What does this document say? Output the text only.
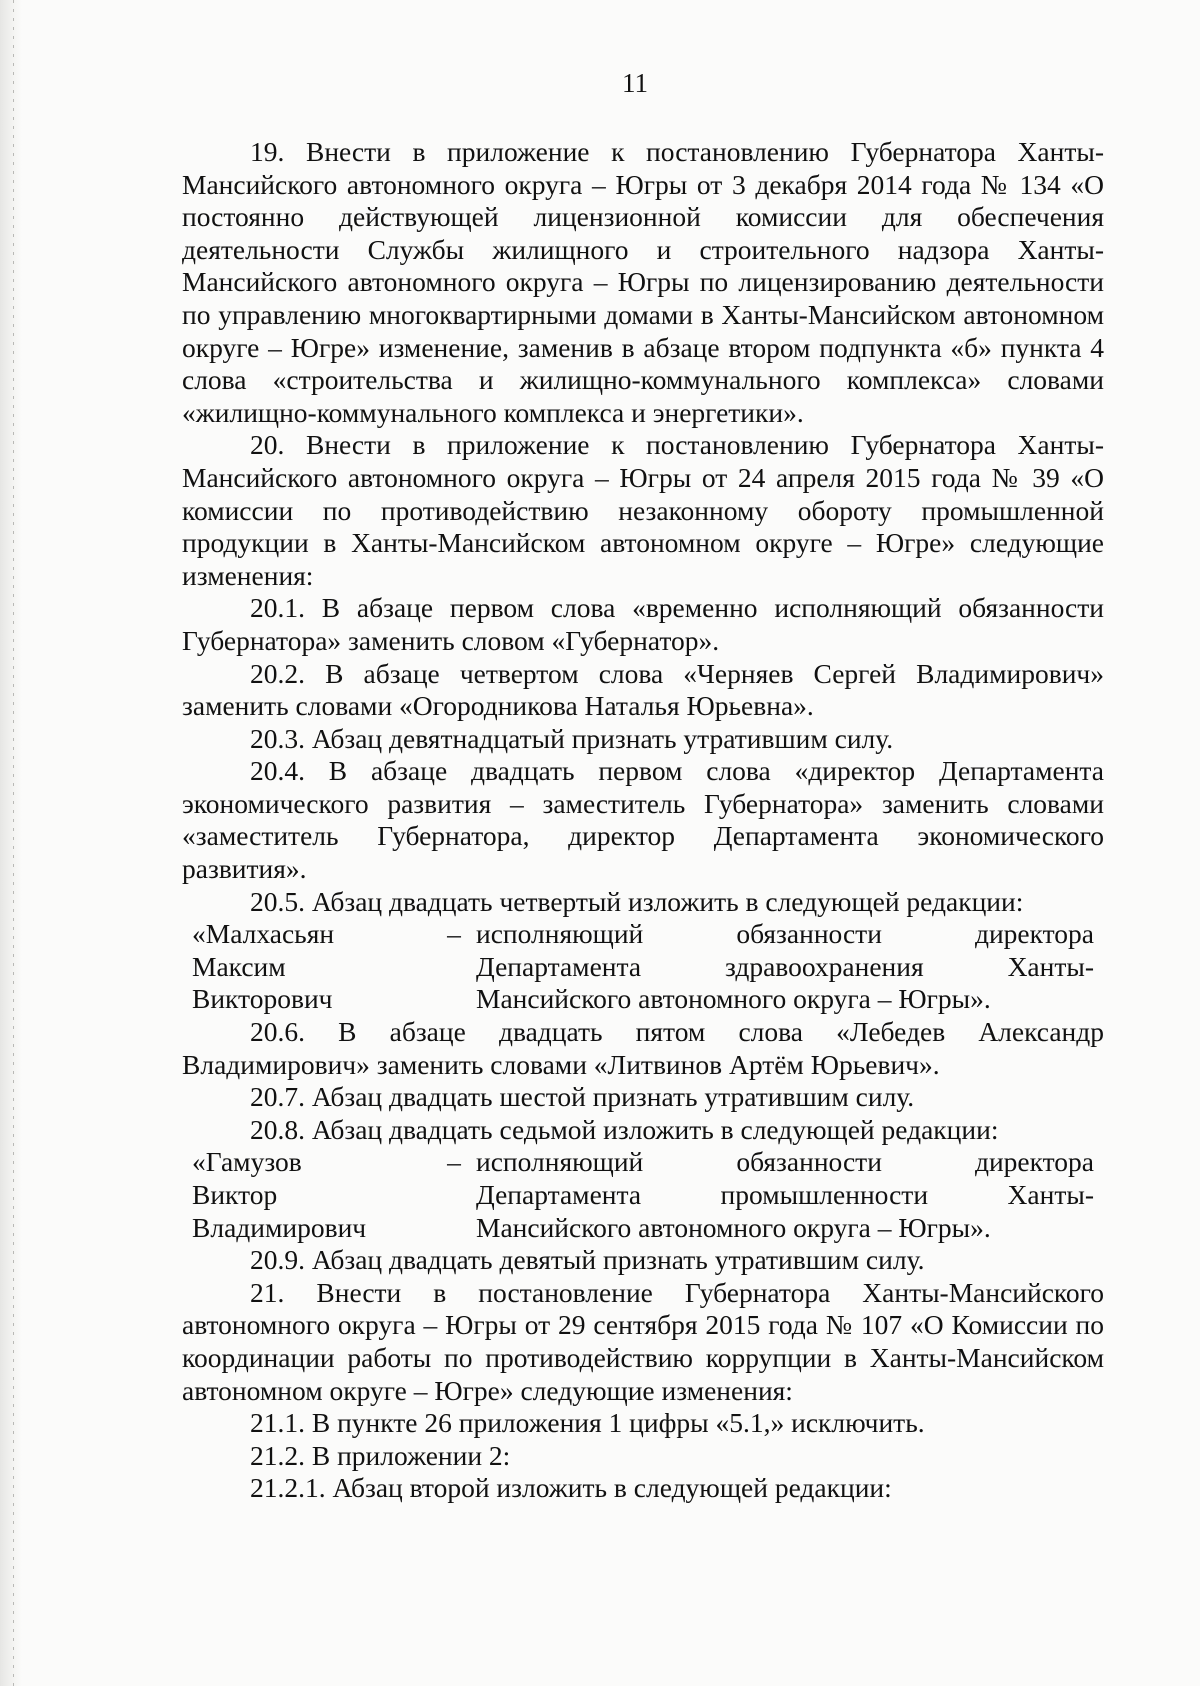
11

19. Внести в приложение к постановлению Губернатора Ханты-Мансийского автономного округа – Югры от 3 декабря 2014 года № 134 «О постоянно действующей лицензионной комиссии для обеспечения деятельности Службы жилищного и строительного надзора Ханты-Мансийского автономного округа – Югры по лицензированию деятельности по управлению многоквартирными домами в Ханты-Мансийском автономном округе – Югре» изменение, заменив в абзаце втором подпункта «б» пункта 4 слова «строительства и жилищно-коммунального комплекса» словами «жилищно-коммунального комплекса и энергетики».

20. Внести в приложение к постановлению Губернатора Ханты-Мансийского автономного округа – Югры от 24 апреля 2015 года № 39 «О комиссии по противодействию незаконному обороту промышленной продукции в Ханты-Мансийском автономном округе – Югре» следующие изменения:

20.1. В абзаце первом слова «временно исполняющий обязанности Губернатора» заменить словом «Губернатор».

20.2. В абзаце четвертом слова «Черняев Сергей Владимирович» заменить словами «Огородникова Наталья Юрьевна».

20.3. Абзац девятнадцатый признать утратившим силу.

20.4. В абзаце двадцать первом слова «директор Департамента экономического развития – заместитель Губернатора» заменить словами «заместитель Губернатора, директор Департамента экономического развития».

20.5. Абзац двадцать четвертый изложить в следующей редакции:

«Малхасьян
Максим
Викторович
– исполняющий обязанности директора
Департамента здравоохранения Ханты-Мансийского автономного округа – Югры».

20.6. В абзаце двадцать пятом слова «Лебедев Александр Владимирович» заменить словами «Литвинов Артём Юрьевич».

20.7. Абзац двадцать шестой признать утратившим силу.

20.8. Абзац двадцать седьмой изложить в следующей редакции:

«Гамузов
Виктор
Владимирович
– исполняющий обязанности директора
Департамента промышленности Ханты-Мансийского автономного округа – Югры».

20.9. Абзац двадцать девятый признать утратившим силу.

21. Внести в постановление Губернатора Ханты-Мансийского автономного округа – Югры от 29 сентября 2015 года № 107 «О Комиссии по координации работы по противодействию коррупции в Ханты-Мансийском автономном округе – Югре» следующие изменения:

21.1. В пункте 26 приложения 1 цифры «5.1,» исключить.

21.2. В приложении 2:

21.2.1. Абзац второй изложить в следующей редакции:
